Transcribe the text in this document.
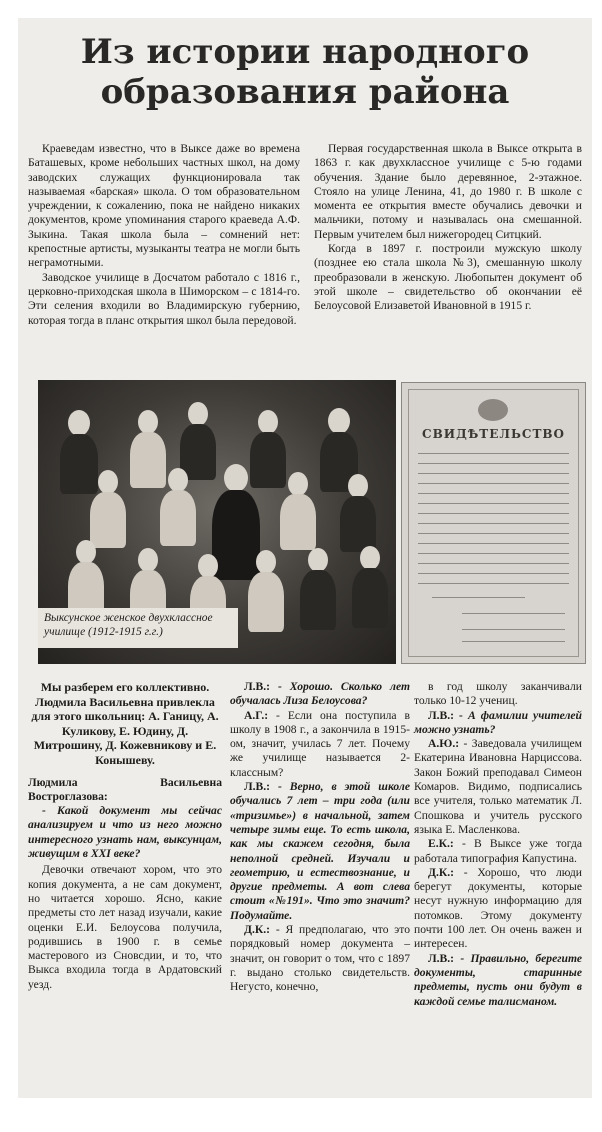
Из истории народного
образования района

Краеведам известно, что в Выксе даже во времена Баташевых, кроме небольших частных школ, на дому заводских служащих функционировала так называемая «барская» школа. О том образовательном учреждении, к сожалению, пока не найдено никаких документов, кроме упоминания старого краеведа А.Ф. Зыкина. Такая школа была – сомнений нет: крепостные артисты, музыканты театра не могли быть неграмотными.

Заводское училище в Досчатом работало с 1816 г., церковно-приходская школа в Шиморском – с 1814-го. Эти селения входили во Владимирскую губернию, которая тогда в планс открытия школ была передовой.

Первая государственная школа в Выксе открыта в 1863 г. как двухклассное училище с 5-ю годами обучения. Здание было деревянное, 2-этажное. Стояло на улице Ленина, 41, до 1980 г. В школе с момента ее открытия вместе обучались девочки и мальчики, потому и называлась она смешанной. Первым учителем был нижегородец Ситцкий.

Когда в 1897 г. построили мужскую школу (позднее ею стала школа №3), смешанную школу преобразовали в женскую. Любопытен документ об этой школе – свидетельство об окончании её Белоусовой Елизаветой Ивановной в 1915 г.

Выксунское женское двухклассное училище (1912-1915 г.г.)
СВИДѢТЕЛЬСТВО
Мы разберем его коллективно. Людмила Васильевна привлекла для этого школьниц: А. Ганицу, А. Куликову, Е. Юдину, Д. Митрошину, Д. Кожевникову и Е. Конышеву.
Людмила Васильевна Востроглазова:
- Какой документ мы сейчас анализируем и что из него можно интересного узнать нам, выксунцам, живущим в XXI веке?
Девочки отвечают хором, что это копия документа, а не сам документ, но читается хорошо. Ясно, какие предметы сто лет назад изучали, какие оценки Е.И. Белоусова получила, родившись в 1900 г. в семье мастерового из Сновсдии, и то, что Выкса входила тогда в Ардатовский уезд.
Л.В.: - Хорошо. Сколько лет обучалась Лиза Белоусова?
А.Г.: - Если она поступила в школу в 1908 г., а закончила в 1915-ом, значит, училась 7 лет. Почему же училище называется 2-классным?
Л.В.: - Верно, в этой школе обучались 7 лет – три года (или «тризимье») в начальной, затем четыре зимы еще. То есть школа, как мы скажем сегодня, была неполной средней. Изучали и геометрию, и естествознание, и другие предметы. А вот слева стоит «№191». Что это значит? Подумайте.
Д.К.: - Я предполагаю, что это порядковый номер документа – значит, он говорит о том, что с 1897 г. выдано столько свидетельств. Негусто, конечно,
в год школу заканчивали только 10-12 учениц.
Л.В.: - А фамилии учителей можно узнать?
А.Ю.: - Заведовала училищем Екатерина Ивановна Нарциссова. Закон Божий преподавал Симеон Комаров. Видимо, подписались все учителя, только математик Л. Спошкова и учитель русского языка Е. Масленкова.
Е.К.: - В Выксе уже тогда работала типография Капустина.
Д.К.: - Хорошо, что люди берегут документы, которые несут нужную информацию для потомков. Этому документу почти 100 лет. Он очень важен и интересен.
Л.В.: - Правильно, берегите документы, старинные предметы, пусть они будут в каждой семье талисманом.
